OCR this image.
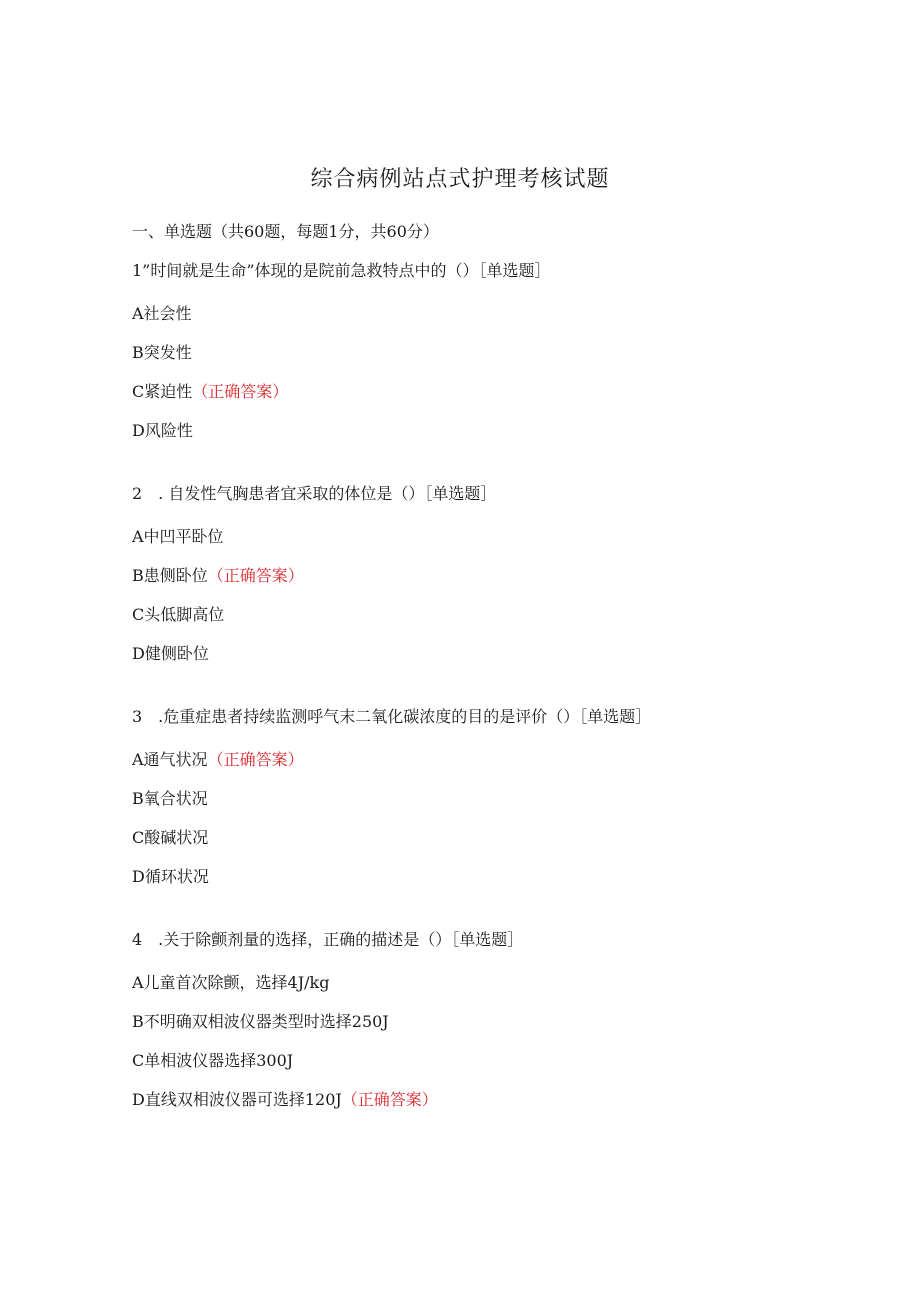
综合病例站点式护理考核试题
一、单选题（共60题，每题1分，共60分）
1”时间就是生命”体现的是院前急救特点中的（）［单选题］
A社会性
B突发性
C紧迫性（正确答案）
D风险性
2　. 自发性气胸患者宜采取的体位是（）［单选题］
A中凹平卧位
B患侧卧位（正确答案）
C头低脚高位
D健侧卧位
3　.危重症患者持续监测呼气末二氧化碳浓度的目的是评价（）［单选题］
A通气状况（正确答案）
B氧合状况
C酸碱状况
D循环状况
4　.关于除颤剂量的选择，正确的描述是（）［单选题］
A儿童首次除颤，选择4J/kg
B不明确双相波仪器类型时选择250J
C单相波仪器选择300J
D直线双相波仪器可选择120J（正确答案）
